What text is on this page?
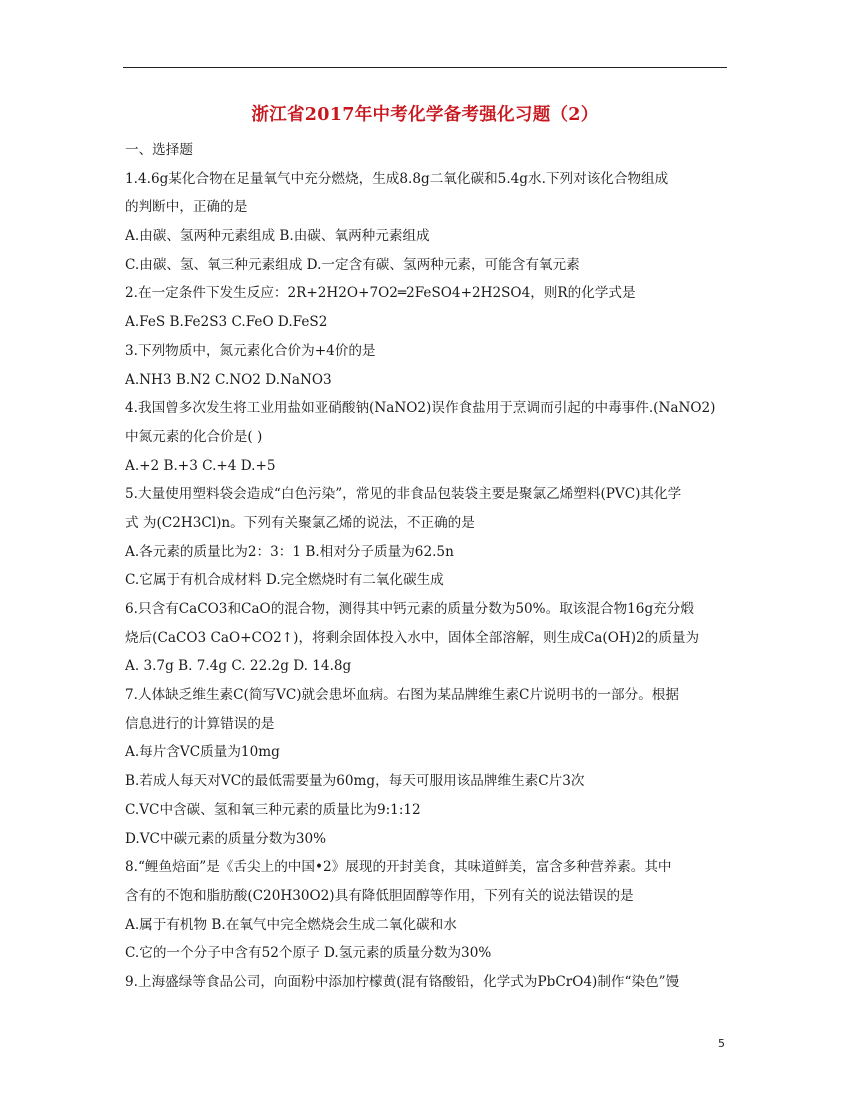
浙江省2017年中考化学备考强化习题（2）
一、选择题
1.4.6g某化合物在足量氧气中充分燃烧，生成8.8g二氧化碳和5.4g水.下列对该化合物组成
的判断中，正确的是
A.由碳、氢两种元素组成 B.由碳、氧两种元素组成
C.由碳、氢、氧三种元素组成 D.一定含有碳、氢两种元素，可能含有氧元素
2.在一定条件下发生反应：2R+2H2O+7O2═2FeSO4+2H2SO4，则R的化学式是
A.FeS B.Fe2S3 C.FeO D.FeS2
3.下列物质中，氮元素化合价为+4价的是
A.NH3 B.N2 C.NO2 D.NaNO3
4.我国曾多次发生将工业用盐如亚硝酸钠(NaNO2)误作食盐用于烹调而引起的中毒事件.(NaNO2)
中氮元素的化合价是( )
A.+2 B.+3 C.+4 D.+5
5.大量使用塑料袋会造成“白色污染”，常见的非食品包装袋主要是聚氯乙烯塑料(PVC)其化学
式 为(C2H3Cl)n。下列有关聚氯乙烯的说法，不正确的是
A.各元素的质量比为2：3：1 B.相对分子质量为62.5n
C.它属于有机合成材料 D.完全燃烧时有二氧化碳生成
6.只含有CaCO3和CaO的混合物，测得其中钙元素的质量分数为50%。取该混合物16g充分煅
烧后(CaCO3 CaO+CO2↑)，将剩余固体投入水中，固体全部溶解，则生成Ca(OH)2的质量为
A. 3.7g B. 7.4g C. 22.2g D. 14.8g
7.人体缺乏维生素C(简写VC)就会患坏血病。右图为某品牌维生素C片说明书的一部分。根据
信息进行的计算错误的是
A.每片含VC质量为10mg
B.若成人每天对VC的最低需要量为60mg，每天可服用该品牌维生素C片3次
C.VC中含碳、氢和氧三种元素的质量比为9:1:12
D.VC中碳元素的质量分数为30%
8.“鲤鱼焙面”是《舌尖上的中国•2》展现的开封美食，其味道鲜美，富含多种营养素。其中
含有的不饱和脂肪酸(C20H30O2)具有降低胆固醇等作用，下列有关的说法错误的是
A.属于有机物 B.在氧气中完全燃烧会生成二氧化碳和水
C.它的一个分子中含有52个原子 D.氢元素的质量分数为30%
9.上海盛绿等食品公司，向面粉中添加柠檬黄(混有铬酸铅，化学式为PbCrO4)制作“染色”馒
5
